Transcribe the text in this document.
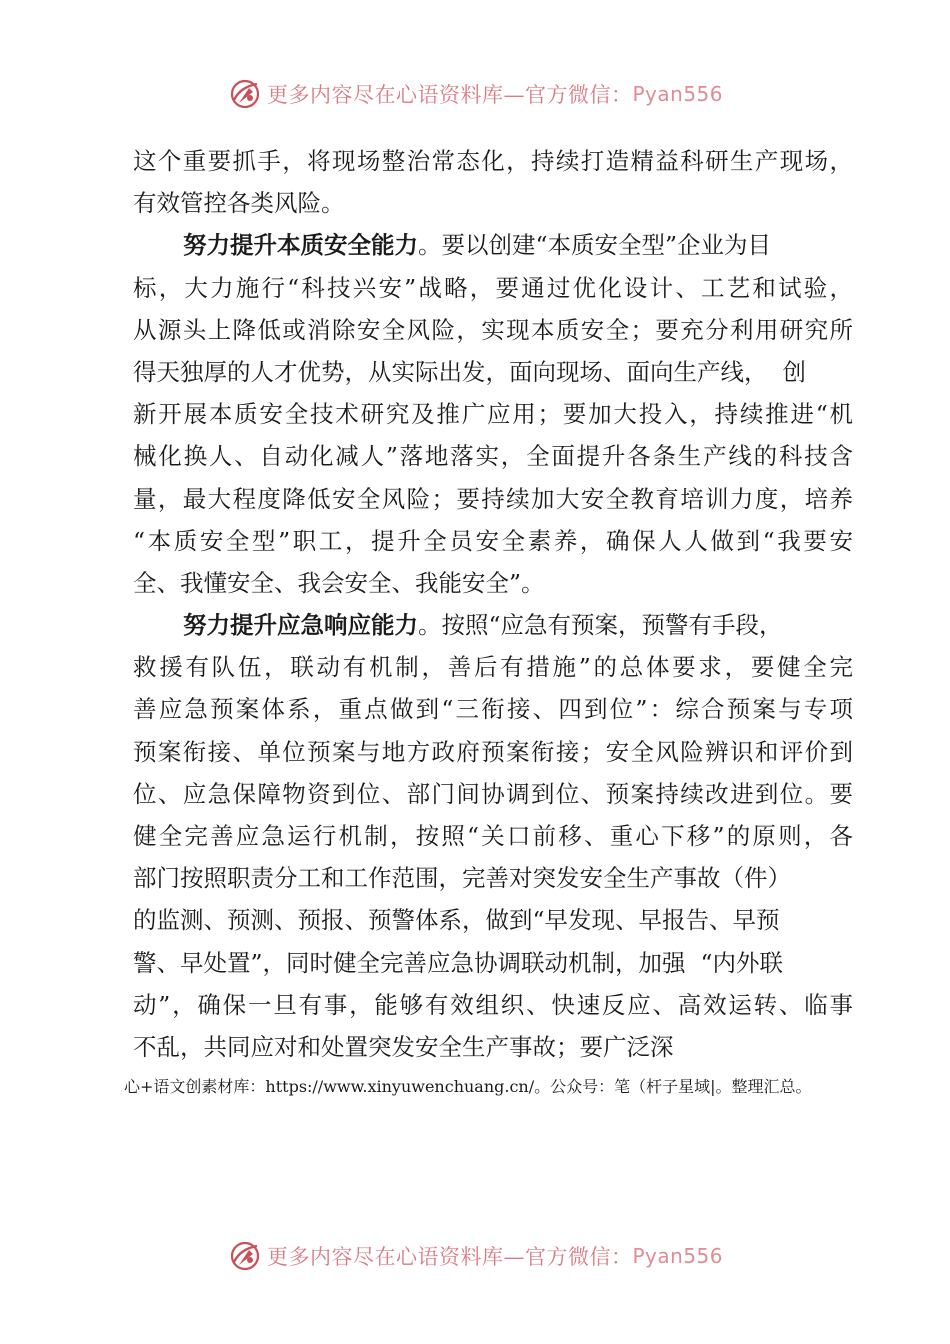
更多内容尽在心语资料库—官方微信： Pyan556
这个重要抓手，将现场整治常态化，持续打造精益科研生产现场，
有效管控各类风险。
努力提升本质安全能力。要以创建“本质安全型”企业为目
标，大力施行“科技兴安”战略，要通过优化设计、工艺和试验，
从源头上降低或消除安全风险，实现本质安全；要充分利用研究所
得天独厚的人才优势，从实际出发，面向现场、面向生产线，  创
新开展本质安全技术研究及推广应用；要加大投入，持续推进“机
械化换人、自动化减人”落地落实，全面提升各条生产线的科技含
量，最大程度降低安全风险；要持续加大安全教育培训力度，培养
“本质安全型”职工，提升全员安全素养，确保人人做到“我要安
全、我懂安全、我会安全、我能安全”。
努力提升应急响应能力。按照“应急有预案，预警有手段，
救援有队伍，联动有机制，善后有措施”的总体要求，要健全完
善应急预案体系，重点做到“三衔接、四到位”：综合预案与专项
预案衔接、单位预案与地方政府预案衔接；安全风险辨识和评价到
位、应急保障物资到位、部门间协调到位、预案持续改进到位。要
健全完善应急运行机制，按照“关口前移、重心下移”的原则，各
部门按照职责分工和工作范围，完善对突发安全生产事故（件）
的监测、预测、预报、预警体系，做到“早发现、早报告、早预
警、早处置”，同时健全完善应急协调联动机制，加强  “内外联
动”，确保一旦有事，能够有效组织、快速反应、高效运转、临事
不乱，共同应对和处置突发安全生产事故；要广泛深
心+语文创素材库：https://www.xinyuwenchuang.cn/。公众号：笔（杆子星域|。整理汇总。
更多内容尽在心语资料库—官方微信： Pyan556
